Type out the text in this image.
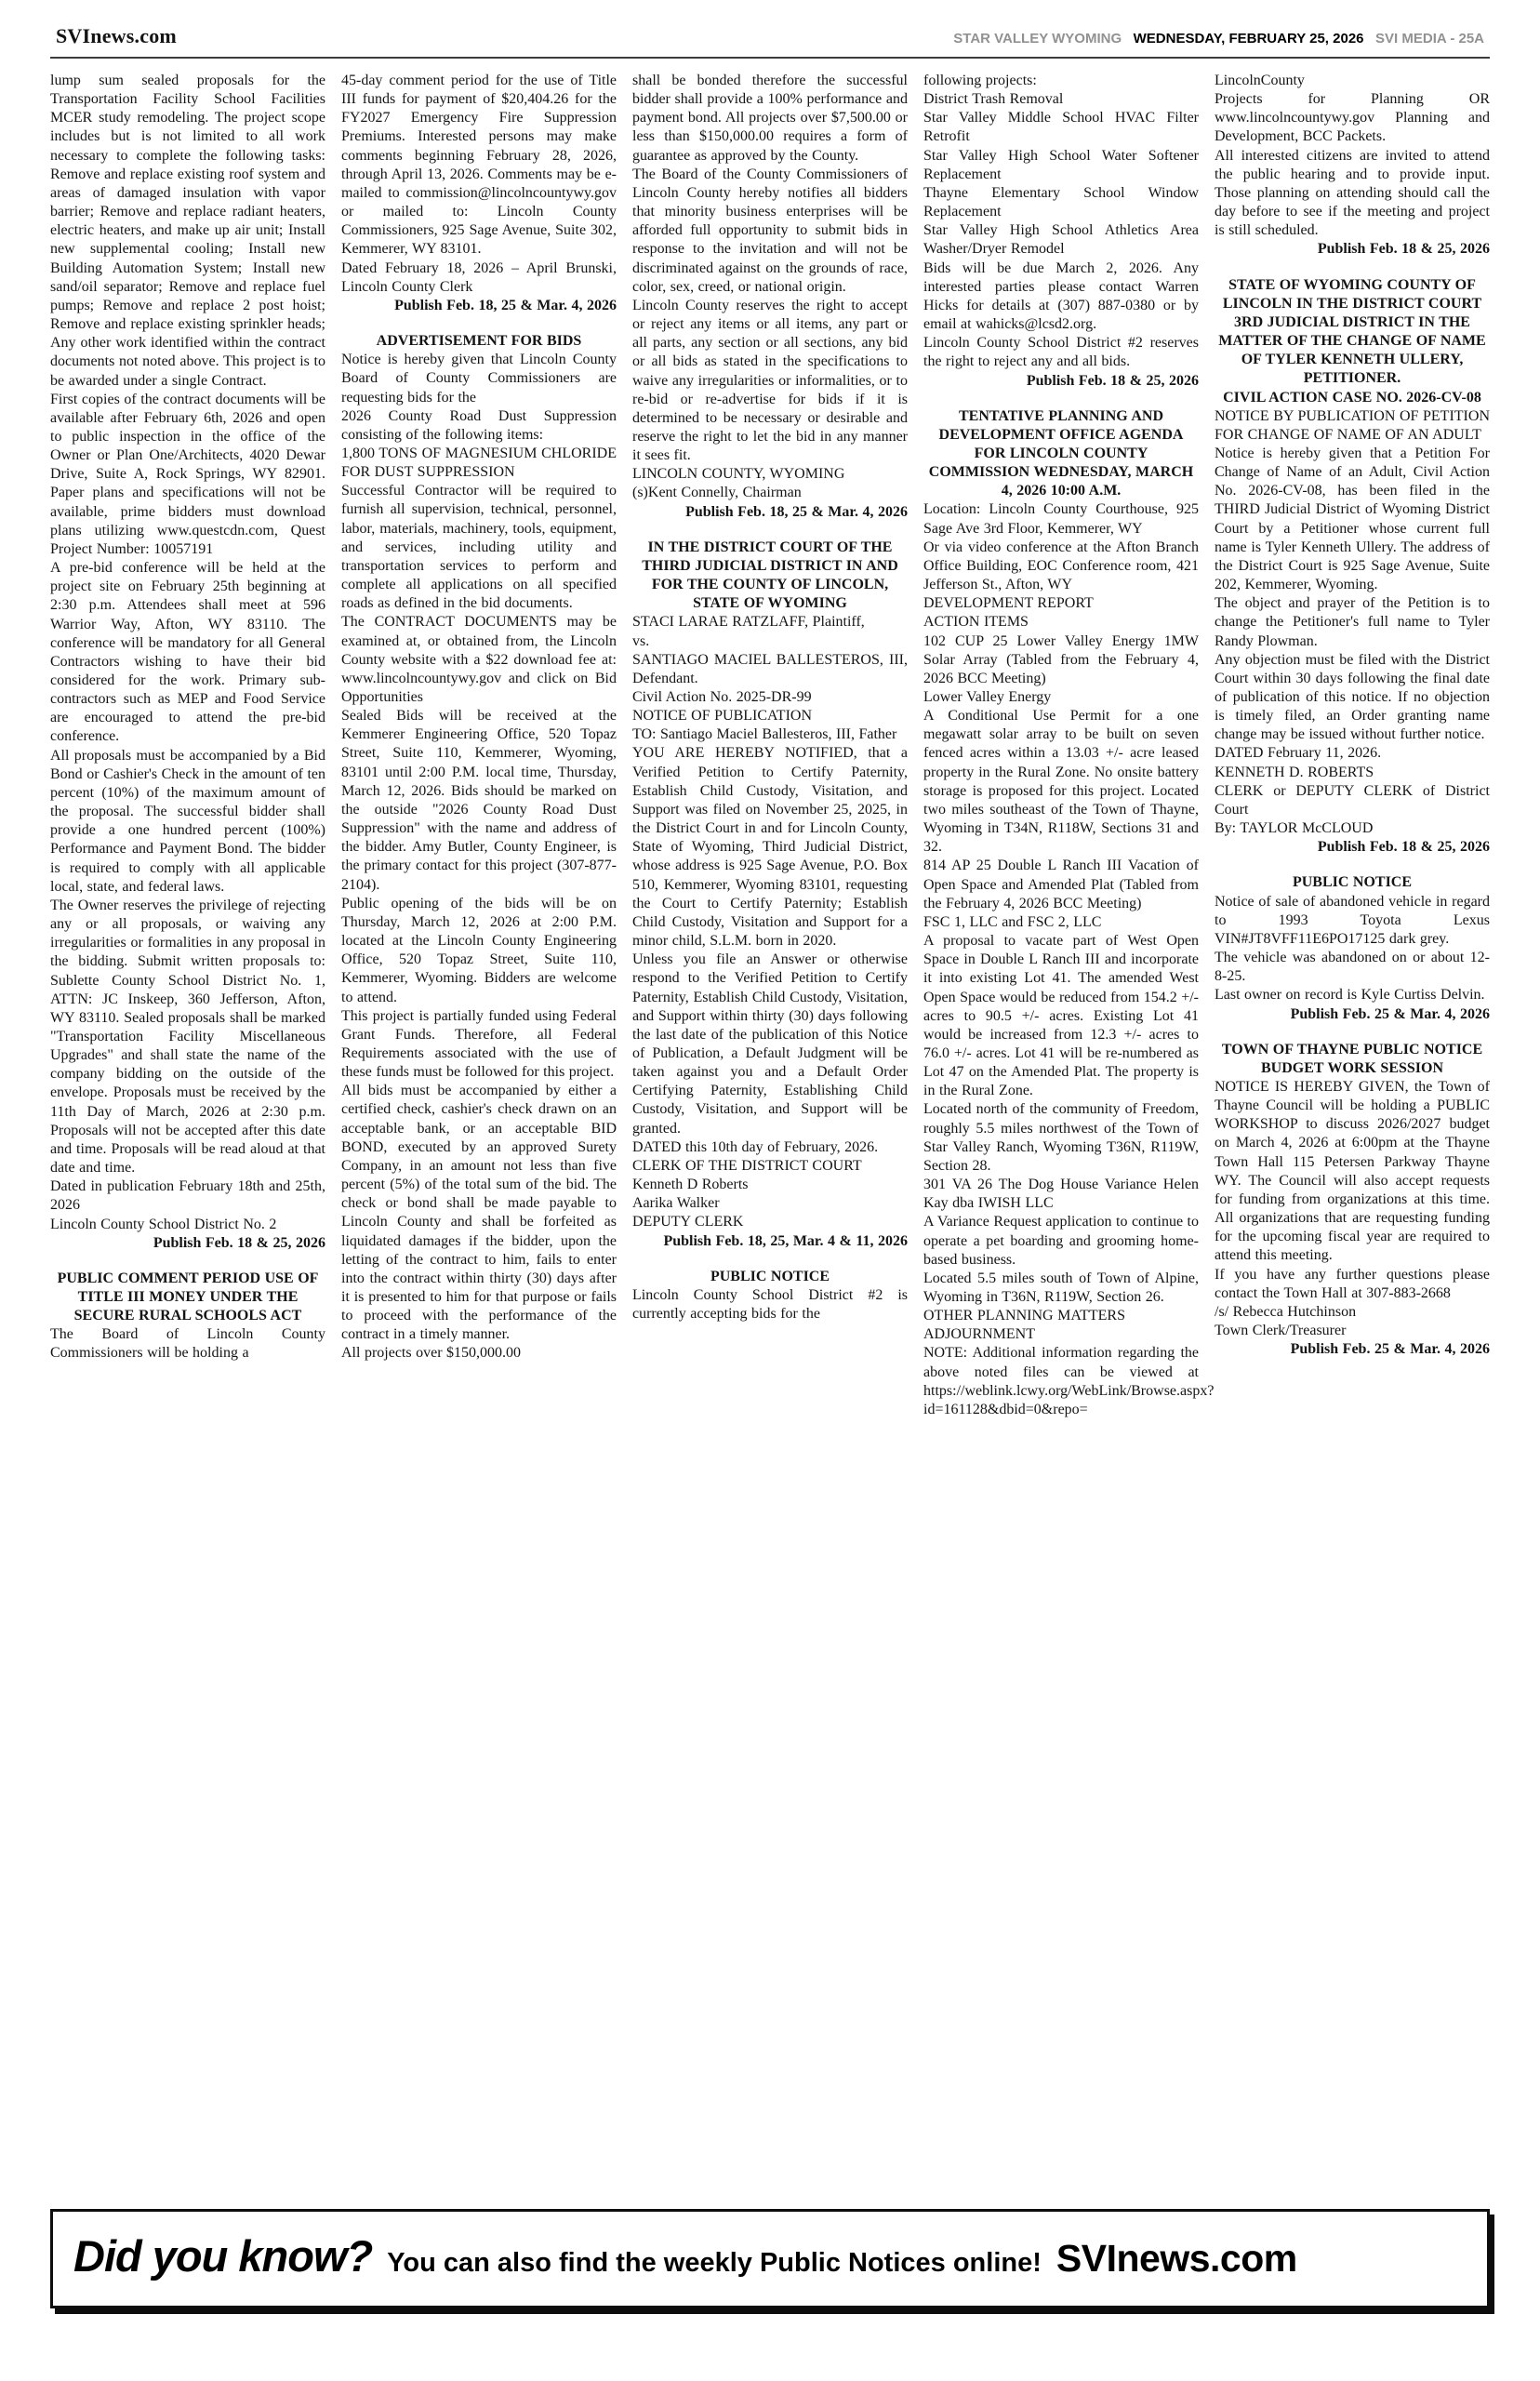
SVInews.com	STAR VALLEY WYOMING WEDNESDAY, FEBRUARY 25, 2026 SVI MEDIA - 25A

lump sum sealed proposals for the Transportation Facility School Facilities MCER study remodeling. The project scope includes but is not limited to all work necessary to complete the following tasks: Remove and replace existing roof system and areas of damaged insulation with vapor barrier; Remove and replace radiant heaters, electric heaters, and make up air unit; Install new supplemental cooling; Install new Building Automation System; Install new sand/oil separator; Remove and replace fuel pumps; Remove and replace 2 post hoist; Remove and replace existing sprinkler heads; Any other work identified within the contract documents not noted above. This project is to be awarded under a single Contract.

First copies of the contract documents will be available after February 6th, 2026 and open to public inspection in the office of the Owner or Plan One/Architects, 4020 Dewar Drive, Suite A, Rock Springs, WY 82901. Paper plans and specifications will not be available, prime bidders must download plans utilizing www.questcdn.com, Quest Project Number: 10057191

A pre-bid conference will be held at the project site on February 25th beginning at 2:30 p.m. Attendees shall meet at 596 Warrior Way, Afton, WY 83110. The conference will be mandatory for all General Contractors wishing to have their bid considered for the work. Primary sub-contractors such as MEP and Food Service are encouraged to attend the pre-bid conference.

All proposals must be accompanied by a Bid Bond or Cashier's Check in the amount of ten percent (10%) of the maximum amount of the proposal. The successful bidder shall provide a one hundred percent (100%) Performance and Payment Bond. The bidder is required to comply with all applicable local, state, and federal laws.

The Owner reserves the privilege of rejecting any or all proposals, or waiving any irregularities or formalities in any proposal in the bidding. Submit written proposals to: Sublette County School District No. 1, ATTN: JC Inskeep, 360 Jefferson, Afton, WY 83110. Sealed proposals shall be marked "Transportation Facility Miscellaneous Upgrades" and shall state the name of the company bidding on the outside of the envelope. Proposals must be received by the 11th Day of March, 2026 at 2:30 p.m. Proposals will not be accepted after this date and time. Proposals will be read aloud at that date and time.

Dated in publication February 18th and 25th, 2026

Lincoln County School District No. 2

Publish Feb. 18 & 25, 2026

PUBLIC COMMENT PERIOD USE OF TITLE III MONEY UNDER THE SECURE RURAL SCHOOLS ACT

The Board of Lincoln County Commissioners will be holding a

45-day comment period for the use of Title III funds for payment of $20,404.26 for the FY2027 Emergency Fire Suppression Premiums. Interested persons may make comments beginning February 28, 2026, through April 13, 2026. Comments may be e-mailed to commission@lincolncountywy.gov or mailed to: Lincoln County Commissioners, 925 Sage Avenue, Suite 302, Kemmerer, WY 83101.

Dated February 18, 2026 – April Brunski, Lincoln County Clerk

Publish Feb. 18, 25 & Mar. 4, 2026

ADVERTISEMENT FOR BIDS

Notice is hereby given that Lincoln County Board of County Commissioners are requesting bids for the

2026 County Road Dust Suppression consisting of the following items:

1,800 TONS OF MAGNESIUM CHLORIDE FOR DUST SUPPRESSION

Successful Contractor will be required to furnish all supervision, technical, personnel, labor, materials, machinery, tools, equipment, and services, including utility and transportation services to perform and complete all applications on all specified roads as defined in the bid documents.

The CONTRACT DOCUMENTS may be examined at, or obtained from, the Lincoln County website with a $22 download fee at: www.lincolncountywy.gov and click on Bid Opportunities

Sealed Bids will be received at the Kemmerer Engineering Office, 520 Topaz Street, Suite 110, Kemmerer, Wyoming, 83101 until 2:00 P.M. local time, Thursday, March 12, 2026. Bids should be marked on the outside "2026 County Road Dust Suppression" with the name and address of the bidder. Amy Butler, County Engineer, is the primary contact for this project (307-877-2104).

Public opening of the bids will be on Thursday, March 12, 2026 at 2:00 P.M. located at the Lincoln County Engineering Office, 520 Topaz Street, Suite 110, Kemmerer, Wyoming. Bidders are welcome to attend.

This project is partially funded using Federal Grant Funds. Therefore, all Federal Requirements associated with the use of these funds must be followed for this project.

All bids must be accompanied by either a certified check, cashier's check drawn on an acceptable bank, or an acceptable BID BOND, executed by an approved Surety Company, in an amount not less than five percent (5%) of the total sum of the bid. The check or bond shall be made payable to Lincoln County and shall be forfeited as liquidated damages if the bidder, upon the letting of the contract to him, fails to enter into the contract within thirty (30) days after it is presented to him for that purpose or fails to proceed with the performance of the contract in a timely manner.

All projects over $150,000.00

shall be bonded therefore the successful bidder shall provide a 100% performance and payment bond. All projects over $7,500.00 or less than $150,000.00 requires a form of guarantee as approved by the County.

The Board of the County Commissioners of Lincoln County hereby notifies all bidders that minority business enterprises will be afforded full opportunity to submit bids in response to the invitation and will not be discriminated against on the grounds of race, color, sex, creed, or national origin.

Lincoln County reserves the right to accept or reject any items or all items, any part or all parts, any section or all sections, any bid or all bids as stated in the specifications to waive any irregularities or informalities, or to re-bid or re-advertise for bids if it is determined to be necessary or desirable and reserve the right to let the bid in any manner it sees fit.

LINCOLN COUNTY, WYOMING

(s)Kent Connelly, Chairman

Publish Feb. 18, 25 & Mar. 4, 2026

IN THE DISTRICT COURT OF THE THIRD JUDICIAL DISTRICT IN AND FOR THE COUNTY OF LINCOLN, STATE OF WYOMING

STACI LARAE RATZLAFF, Plaintiff,

vs.

SANTIAGO MACIEL BALLESTEROS, III, Defendant.

Civil Action No. 2025-DR-99

NOTICE OF PUBLICATION

TO: Santiago Maciel Ballesteros, III, Father

YOU ARE HEREBY NOTIFIED, that a Verified Petition to Certify Paternity, Establish Child Custody, Visitation, and Support was filed on November 25, 2025, in the District Court in and for Lincoln County, State of Wyoming, Third Judicial District, whose address is 925 Sage Avenue, P.O. Box 510, Kemmerer, Wyoming 83101, requesting the Court to Certify Paternity; Establish Child Custody, Visitation and Support for a minor child, S.L.M. born in 2020.

Unless you file an Answer or otherwise respond to the Verified Petition to Certify Paternity, Establish Child Custody, Visitation, and Support within thirty (30) days following the last date of the publication of this Notice of Publication, a Default Judgment will be taken against you and a Default Order Certifying Paternity, Establishing Child Custody, Visitation, and Support will be granted.

DATED this 10th day of February, 2026.

CLERK OF THE DISTRICT COURT

Kenneth D Roberts

Aarika Walker

DEPUTY CLERK

Publish Feb. 18, 25, Mar. 4 & 11, 2026

PUBLIC NOTICE

Lincoln County School District #2 is currently accepting bids for the

following projects:

District Trash Removal

Star Valley Middle School HVAC Filter Retrofit

Star Valley High School Water Softener Replacement

Thayne Elementary School Window Replacement

Star Valley High School Athletics Area Washer/Dryer Remodel

Bids will be due March 2, 2026. Any interested parties please contact Warren Hicks for details at (307) 887-0380 or by email at wahicks@lcsd2.org.

Lincoln County School District #2 reserves the right to reject any and all bids.

Publish Feb. 18 & 25, 2026

TENTATIVE PLANNING AND DEVELOPMENT OFFICE AGENDA FOR LINCOLN COUNTY COMMISSION WEDNESDAY, MARCH 4, 2026 10:00 A.M.

Location: Lincoln County Courthouse, 925 Sage Ave 3rd Floor, Kemmerer, WY

Or via video conference at the Afton Branch Office Building, EOC Conference room, 421 Jefferson St., Afton, WY

DEVELOPMENT REPORT

ACTION ITEMS

102 CUP 25 Lower Valley Energy 1MW Solar Array (Tabled from the February 4, 2026 BCC Meeting)

Lower Valley Energy

A Conditional Use Permit for a one megawatt solar array to be built on seven fenced acres within a 13.03 +/- acre leased property in the Rural Zone. No onsite battery storage is proposed for this project. Located two miles southeast of the Town of Thayne, Wyoming in T34N, R118W, Sections 31 and 32.

814 AP 25 Double L Ranch III Vacation of Open Space and Amended Plat (Tabled from the February 4, 2026 BCC Meeting)

FSC 1, LLC and FSC 2, LLC

A proposal to vacate part of West Open Space in Double L Ranch III and incorporate it into existing Lot 41. The amended West Open Space would be reduced from 154.2 +/- acres to 90.5 +/- acres. Existing Lot 41 would be increased from 12.3 +/- acres to 76.0 +/- acres. Lot 41 will be re-numbered as Lot 47 on the Amended Plat. The property is in the Rural Zone.

Located north of the community of Freedom, roughly 5.5 miles northwest of the Town of Star Valley Ranch, Wyoming T36N, R119W, Section 28.

301 VA 26 The Dog House Variance Helen Kay dba IWISH LLC

A Variance Request application to continue to operate a pet boarding and grooming home-based business.

Located 5.5 miles south of Town of Alpine, Wyoming in T36N, R119W, Section 26.

OTHER PLANNING MATTERS

ADJOURNMENT

NOTE: Additional information regarding the above noted files can be viewed at https://weblink.lcwy.org/WebLink/Browse.aspx?id=161128&dbid=0&repo=

LincolnCounty

Projects for Planning OR www.lincolncountywy.gov Planning and Development, BCC Packets.

All interested citizens are invited to attend the public hearing and to provide input. Those planning on attending should call the day before to see if the meeting and project is still scheduled.

Publish Feb. 18 & 25, 2026

STATE OF WYOMING COUNTY OF LINCOLN IN THE DISTRICT COURT 3RD JUDICIAL DISTRICT IN THE MATTER OF THE CHANGE OF NAME OF TYLER KENNETH ULLERY, PETITIONER.

CIVIL ACTION CASE NO. 2026-CV-08

NOTICE BY PUBLICATION OF PETITION FOR CHANGE OF NAME OF AN ADULT

Notice is hereby given that a Petition For Change of Name of an Adult, Civil Action No. 2026-CV-08, has been filed in the THIRD Judicial District of Wyoming District Court by a Petitioner whose current full name is Tyler Kenneth Ullery. The address of the District Court is 925 Sage Avenue, Suite 202, Kemmerer, Wyoming.

The object and prayer of the Petition is to change the Petitioner's full name to Tyler Randy Plowman.

Any objection must be filed with the District Court within 30 days following the final date of publication of this notice. If no objection is timely filed, an Order granting name change may be issued without further notice.

DATED February 11, 2026.

KENNETH D. ROBERTS

CLERK or DEPUTY CLERK of District Court

By: TAYLOR McCLOUD

Publish Feb. 18 & 25, 2026

PUBLIC NOTICE

Notice of sale of abandoned vehicle in regard to 1993 Toyota Lexus VIN#JT8VFF11E6PO17125 dark grey.

The vehicle was abandoned on or about 12-8-25.

Last owner on record is Kyle Curtiss Delvin.

Publish Feb. 25 & Mar. 4, 2026

TOWN OF THAYNE PUBLIC NOTICE BUDGET WORK SESSION

NOTICE IS HEREBY GIVEN, the Town of Thayne Council will be holding a PUBLIC WORKSHOP to discuss 2026/2027 budget on March 4, 2026 at 6:00pm at the Thayne Town Hall 115 Petersen Parkway Thayne WY. The Council will also accept requests for funding from organizations at this time. All organizations that are requesting funding for the upcoming fiscal year are required to attend this meeting.

If you have any further questions please contact the Town Hall at 307-883-2668

/s/ Rebecca Hutchinson

Town Clerk/Treasurer

Publish Feb. 25 & Mar. 4, 2026

Did you know? You can also find the weekly Public Notices online! SVInews.com
